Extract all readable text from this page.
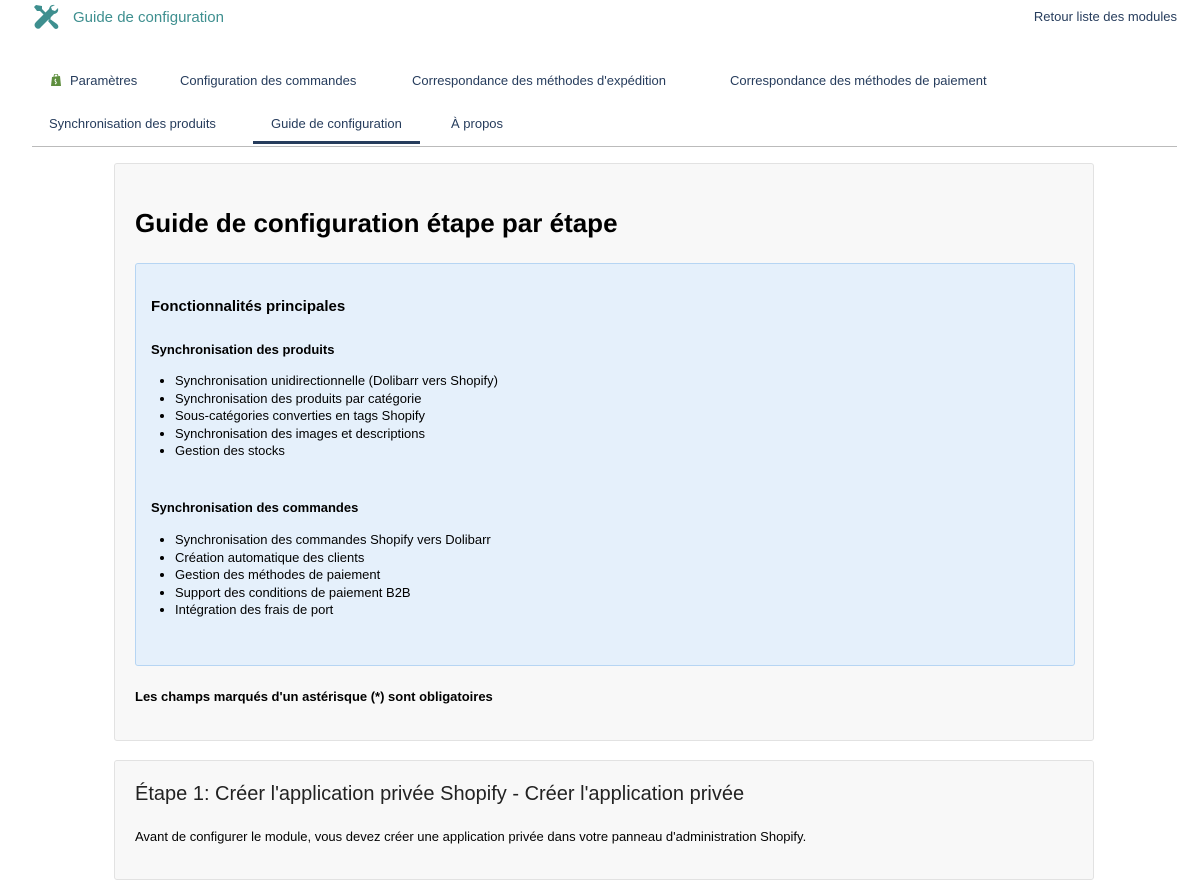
Guide de configuration	Retour liste des modules
Paramètres	Configuration des commandes	Correspondance des méthodes d'expédition	Correspondance des méthodes de paiement
Synchronisation des produits	Guide de configuration	À propos
Guide de configuration étape par étape
Fonctionnalités principales

Synchronisation des produits

• Synchronisation unidirectionnelle (Dolibarr vers Shopify)
• Synchronisation des produits par catégorie
• Sous-catégories converties en tags Shopify
• Synchronisation des images et descriptions
• Gestion des stocks

Synchronisation des commandes

• Synchronisation des commandes Shopify vers Dolibarr
• Création automatique des clients
• Gestion des méthodes de paiement
• Support des conditions de paiement B2B
• Intégration des frais de port
Les champs marqués d'un astérisque (*) sont obligatoires
Étape 1: Créer l'application privée Shopify - Créer l'application privée

Avant de configurer le module, vous devez créer une application privée dans votre panneau d'administration Shopify.
